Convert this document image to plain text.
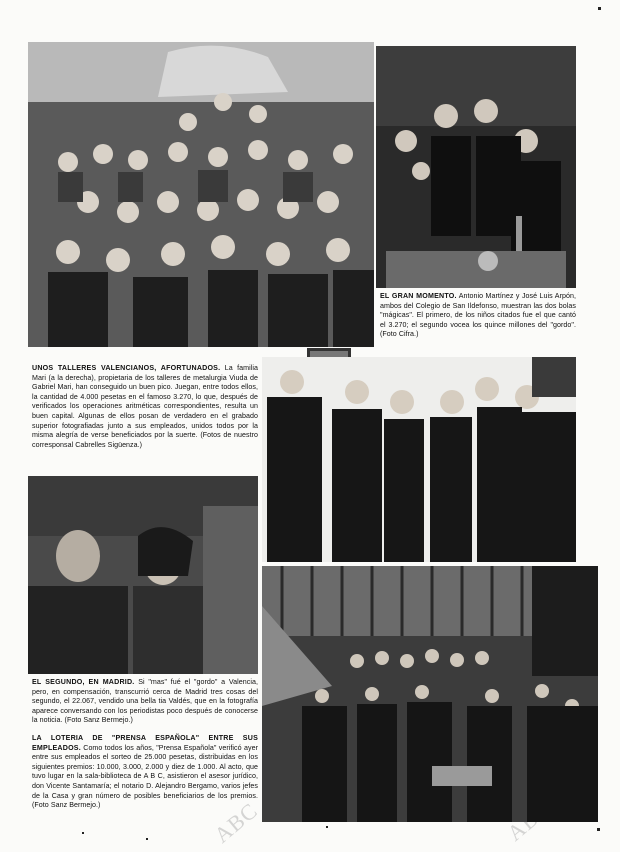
ABC
EL GRAN MOMENTO. Antonio Martínez y José Luis Arpón, ambos del Colegio de San Ildefonso, muestran las dos bolas "mágicas". El primero, de los niños citados fue el que cantó el 3.270; el segundo vocea los quince millones del "gordo". (Foto Cifra.)
UNOS TALLERES VALENCIANOS, AFORTUNADOS. La familia Mari (a la derecha), propietaria de los talleres de metalurgia Viuda de Gabriel Mari, han conseguido un buen pico. Juegan, entre todos ellos, la cantidad de 4.000 pesetas en el famoso 3.270, lo que, después de verificados los operaciones aritméticas correspondientes, resulta un buen capital. Algunas de ellos posan de verdadero en el grabado superior fotografiadas junto a sus empleados, unidos todos por la misma alegría de verse beneficiados por la suerte. (Fotos de nuestro corresponsal Cabrelles Sigüenza.)
EL SEGUNDO, EN MADRID. Si "mas" fué el "gordo" a Valencia, pero, en compensación, transcurrió cerca de Madrid tres cosas del segundo, el 22.067, vendido una bella tia Valdés, que en la fotografía aparece conversando con los periodistas poco después de conocerse la noticia. (Foto Sanz Bermejo.)
LA LOTERIA DE "PRENSA ESPAÑOLA" ENTRE SUS EMPLEADOS. Como todos los años, "Prensa Española" verificó ayer entre sus empleados el sorteo de 25.000 pesetas, distribuidas en los siguientes premios: 10.000, 3.000, 2.000 y diez de 1.000. Al acto, que tuvo lugar en la sala-biblioteca de A B C, asistieron el asesor jurídico, don Vicente Santamaría; el notario D. Alejandro Bergamo, varios jefes de la Casa y gran número de posibles beneficiarios de los premios. (Foto Sanz Bermejo.)
